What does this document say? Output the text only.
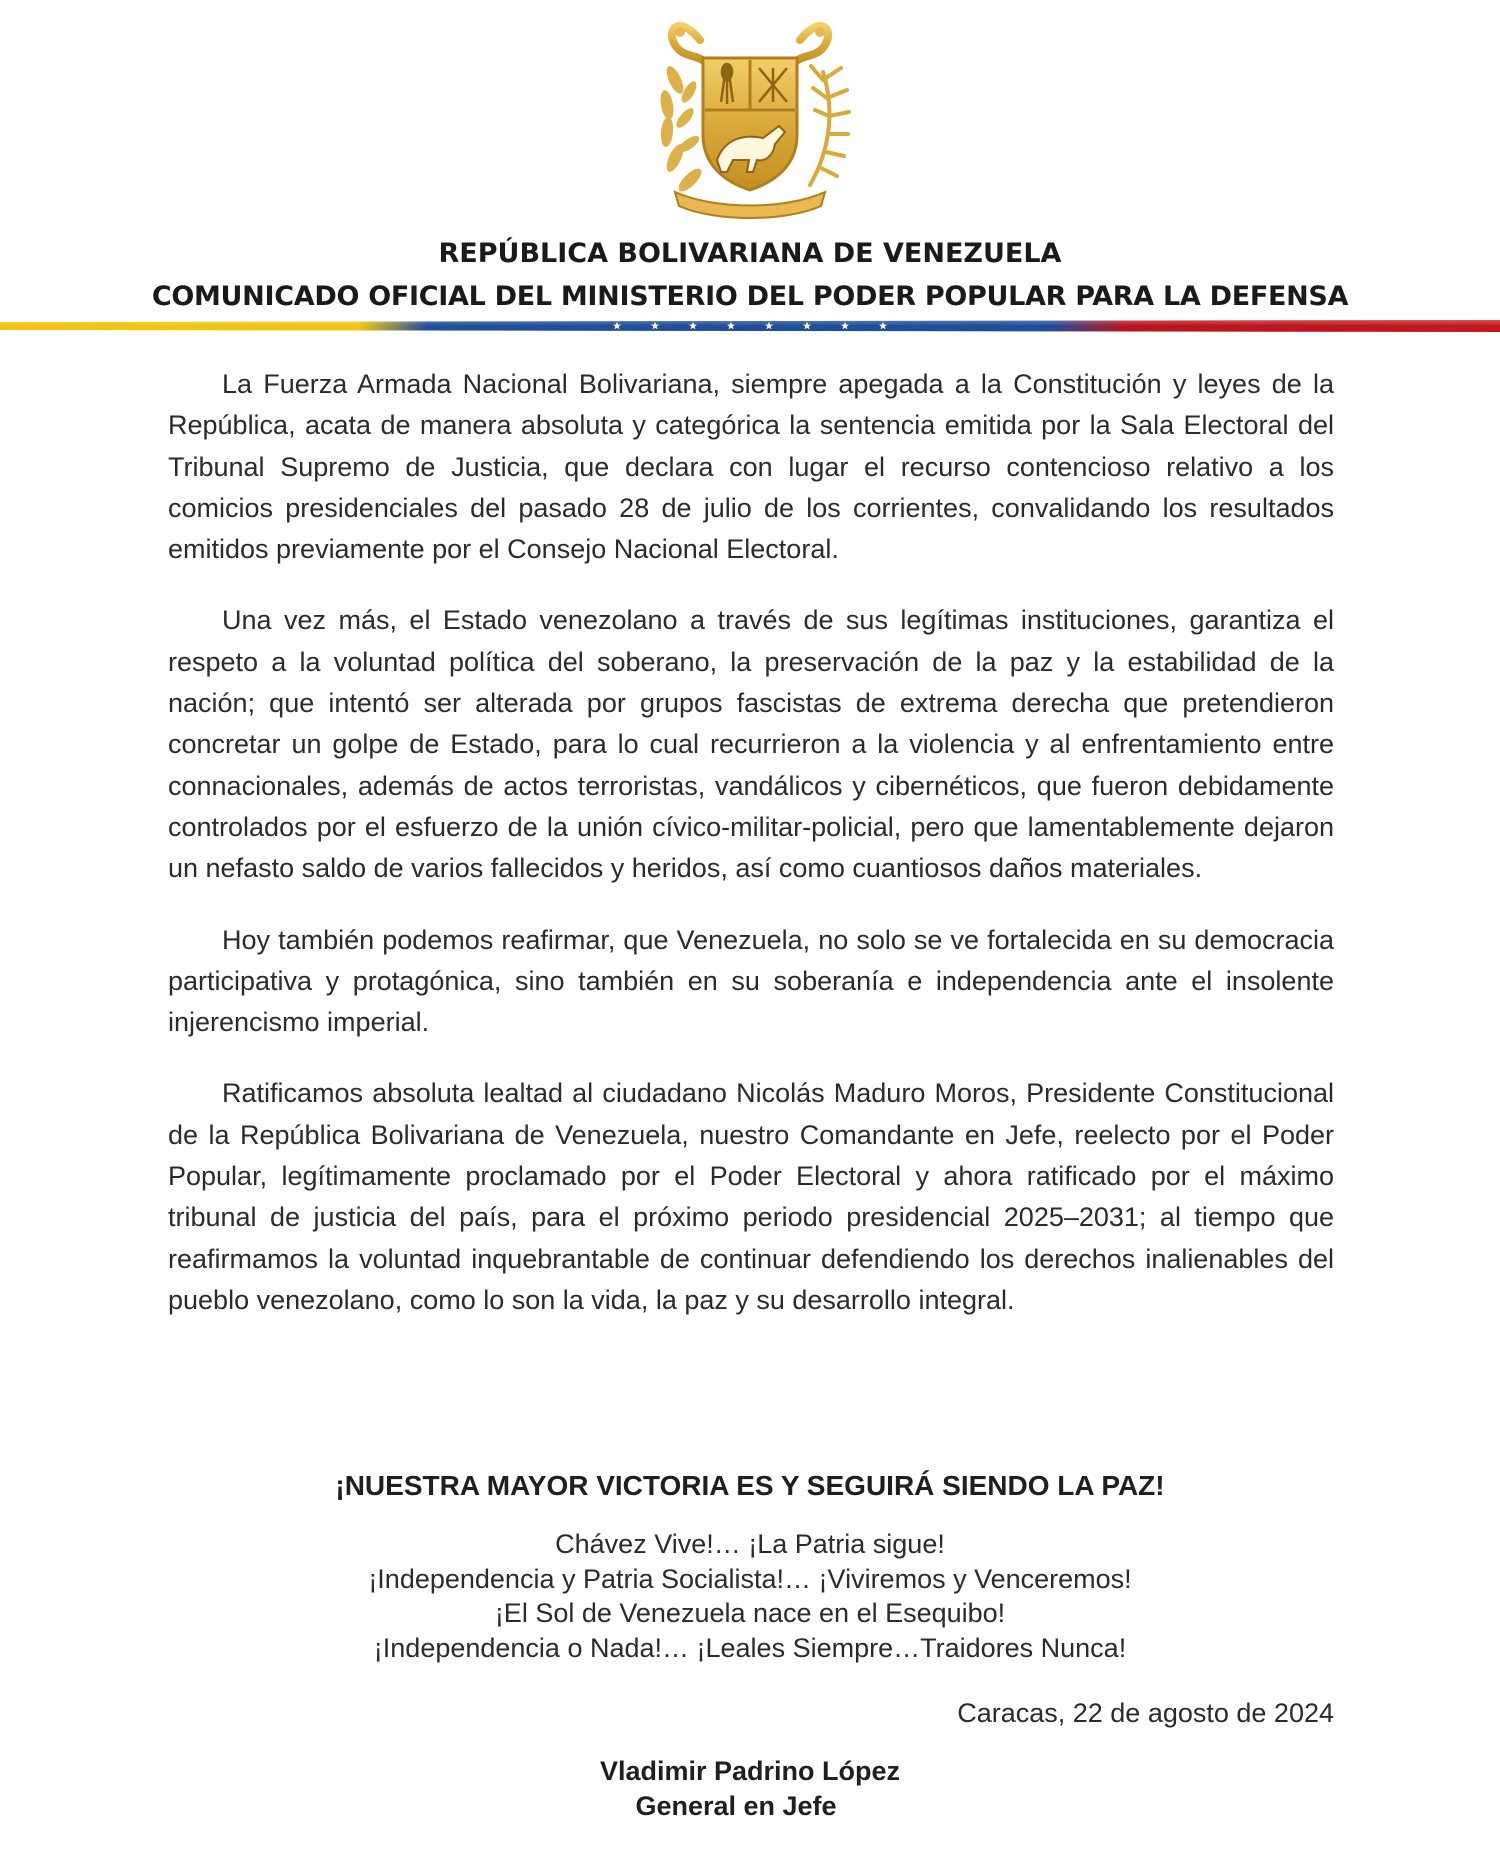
REPÚBLICA BOLIVARIANA DE VENEZUELA

COMUNICADO OFICIAL DEL MINISTERIO DEL PODER POPULAR PARA LA DEFENSA

La Fuerza Armada Nacional Bolivariana, siempre apegada a la Constitución y leyes de la República, acata de manera absoluta y categórica la sentencia emitida por la Sala Electoral del Tribunal Supremo de Justicia, que declara con lugar el recurso contencioso relativo a los comicios presidenciales del pasado 28 de julio de los corrientes, convalidando los resultados emitidos previamente por el Consejo Nacional Electoral.

Una vez más, el Estado venezolano a través de sus legítimas instituciones, garantiza el respeto a la voluntad política del soberano, la preservación de la paz y la estabilidad de la nación; que intentó ser alterada por grupos fascistas de extrema derecha que pretendieron concretar un golpe de Estado, para lo cual recurrieron a la violencia y al enfrentamiento entre connacionales, además de actos terroristas, vandálicos y cibernéticos, que fueron debidamente controlados por el esfuerzo de la unión cívico-militar-policial, pero que lamentablemente dejaron un nefasto saldo de varios fallecidos y heridos, así como cuantiosos daños materiales.

Hoy también podemos reafirmar, que Venezuela, no solo se ve fortalecida en su democracia participativa y protagónica, sino también en su soberanía e independencia ante el insolente injerencismo imperial.

Ratificamos absoluta lealtad al ciudadano Nicolás Maduro Moros, Presidente Constitucional de la República Bolivariana de Venezuela, nuestro Comandante en Jefe, reelecto por el Poder Popular, legítimamente proclamado por el Poder Electoral y ahora ratificado por el máximo tribunal de justicia del país, para el próximo periodo presidencial 2025–2031; al tiempo que reafirmamos la voluntad inquebrantable de continuar defendiendo los derechos inalienables del pueblo venezolano, como lo son la vida, la paz y su desarrollo integral.

¡NUESTRA MAYOR VICTORIA ES Y SEGUIRÁ SIENDO LA PAZ!

Chávez Vive!… ¡La Patria sigue!

¡Independencia y Patria Socialista!… ¡Viviremos y Venceremos!

¡El Sol de Venezuela nace en el Esequibo!

¡Independencia o Nada!… ¡Leales Siempre…Traidores Nunca!

Caracas, 22 de agosto de 2024

Vladimir Padrino López

General en Jefe
